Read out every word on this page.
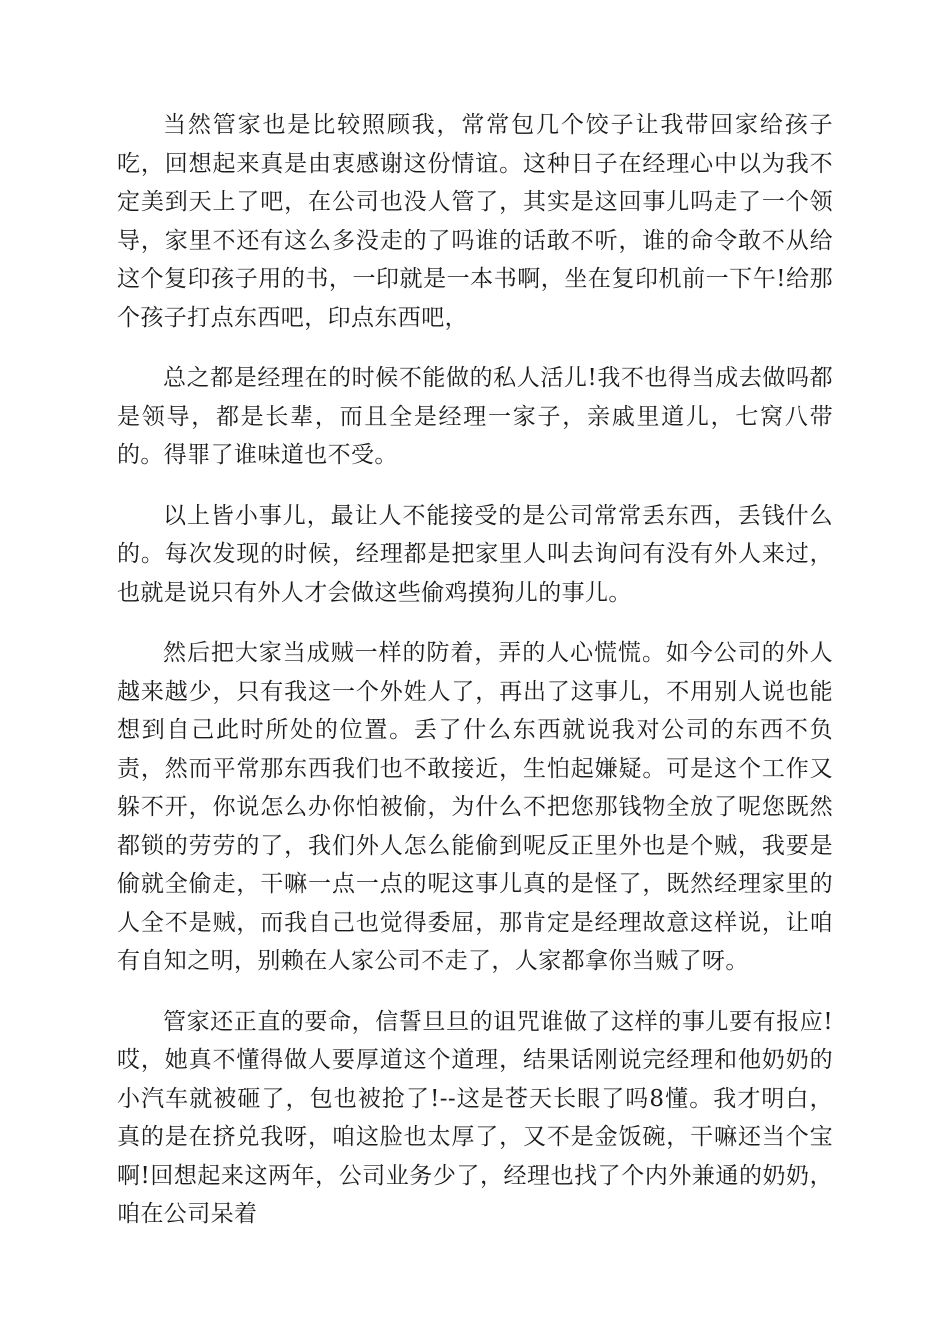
当然管家也是比较照顾我，常常包几个饺子让我带回家给孩子吃，回想起来真是由衷感谢这份情谊。这种日子在经理心中以为我不定美到天上了吧，在公司也没人管了，其实是这回事儿吗走了一个领导，家里不还有这么多没走的了吗谁的话敢不听，谁的命令敢不从给这个复印孩子用的书，一印就是一本书啊，坐在复印机前一下午!给那个孩子打点东西吧，印点东西吧，

总之都是经理在的时候不能做的私人活儿!我不也得当成去做吗都是领导，都是长辈，而且全是经理一家子，亲戚里道儿，七窝八带的。得罪了谁味道也不受。

以上皆小事儿，最让人不能接受的是公司常常丢东西，丢钱什么的。每次发现的时候，经理都是把家里人叫去询问有没有外人来过，也就是说只有外人才会做这些偷鸡摸狗儿的事儿。

然后把大家当成贼一样的防着，弄的人心慌慌。如今公司的外人越来越少，只有我这一个外姓人了，再出了这事儿，不用别人说也能想到自己此时所处的位置。丢了什么东西就说我对公司的东西不负责，然而平常那东西我们也不敢接近，生怕起嫌疑。可是这个工作又躲不开，你说怎么办你怕被偷，为什么不把您那钱物全放了呢您既然都锁的劳劳的了，我们外人怎么能偷到呢反正里外也是个贼，我要是偷就全偷走，干嘛一点一点的呢这事儿真的是怪了，既然经理家里的人全不是贼，而我自己也觉得委屈，那肯定是经理故意这样说，让咱有自知之明，别赖在人家公司不走了，人家都拿你当贼了呀。

管家还正直的要命，信誓旦旦的诅咒谁做了这样的事儿要有报应!哎，她真不懂得做人要厚道这个道理，结果话刚说完经理和他奶奶的小汽车就被砸了，包也被抢了!--这是苍天长眼了吗8懂。我才明白，真的是在挤兑我呀，咱这脸也太厚了，又不是金饭碗，干嘛还当个宝啊!回想起来这两年，公司业务少了，经理也找了个内外兼通的奶奶，咱在公司呆着
